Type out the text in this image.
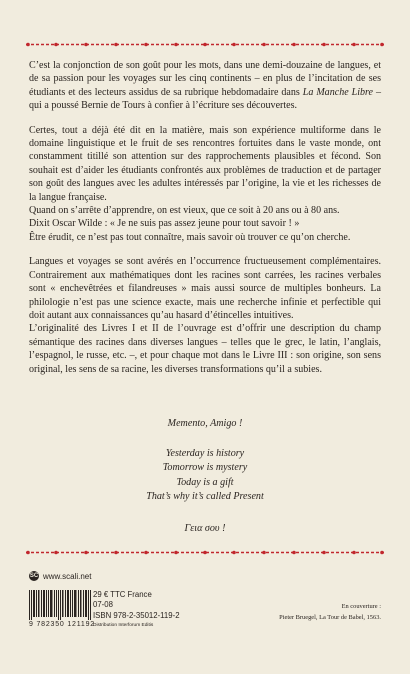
C’est la conjonction de son goût pour les mots, dans une demi-douzaine de langues, et de sa passion pour les voyages sur les cinq continents – en plus de l’incitation de ses étudiants et des lecteurs assidus de sa rubrique hebdomadaire dans La Manche Libre – qui a poussé Bernie de Tours à confier à l’écriture ses découvertes.

Certes, tout a déjà été dit en la matière, mais son expérience multiforme dans le domaine linguistique et le fruit de ses rencontres fortuites dans le vaste monde, ont constamment titillé son attention sur des rapprochements plausibles et fécond. Son souhait est d’aider les étudiants confrontés aux problèmes de traduction et de partager son goût des langues avec les adultes intéressés par l’origine, la vie et les richesses de la langue française.

Quand on s’arrête d’apprendre, on est vieux, que ce soit à 20 ans ou à 80 ans.

Dixit Oscar Wilde : « Je ne suis pas assez jeune pour tout savoir ! »

Être érudit, ce n’est pas tout connaître, mais savoir où trouver ce qu’on cherche.

Langues et voyages se sont avérés en l’occurrence fructueusement complémentaires. Contrairement aux mathématiques dont les racines sont carrées, les racines verbales sont « enchevêtrées et filandreuses » mais aussi source de multiples bonheurs. La philologie n’est pas une science exacte, mais une recherche infinie et perfectible qui doit autant aux connaissances qu’au hasard d’étincelles intuitives.

L’originalité des Livres I et II de l’ouvrage est d’offrir une description du champ sémantique des racines dans diverses langues – telles que le grec, le latin, l’anglais, l’espagnol, le russe, etc. –, et pour chaque mot dans le Livre III : son origine, son sens original, les sens de sa racine, les diverses transformations qu’il a subies.

Memento, Amigo !
Yesterday is history
Tomorrow is mystery
Today is a gift
That’s why it’s called Present
Γεια σου !
SC www.scali.net
9 782350 121192
29 € TTC France
07-08
ISBN 978-2-35012-119-2
Distribution Interforum Editis
En couverture :
Pieter Bruegel, La Tour de Babel, 1563.
